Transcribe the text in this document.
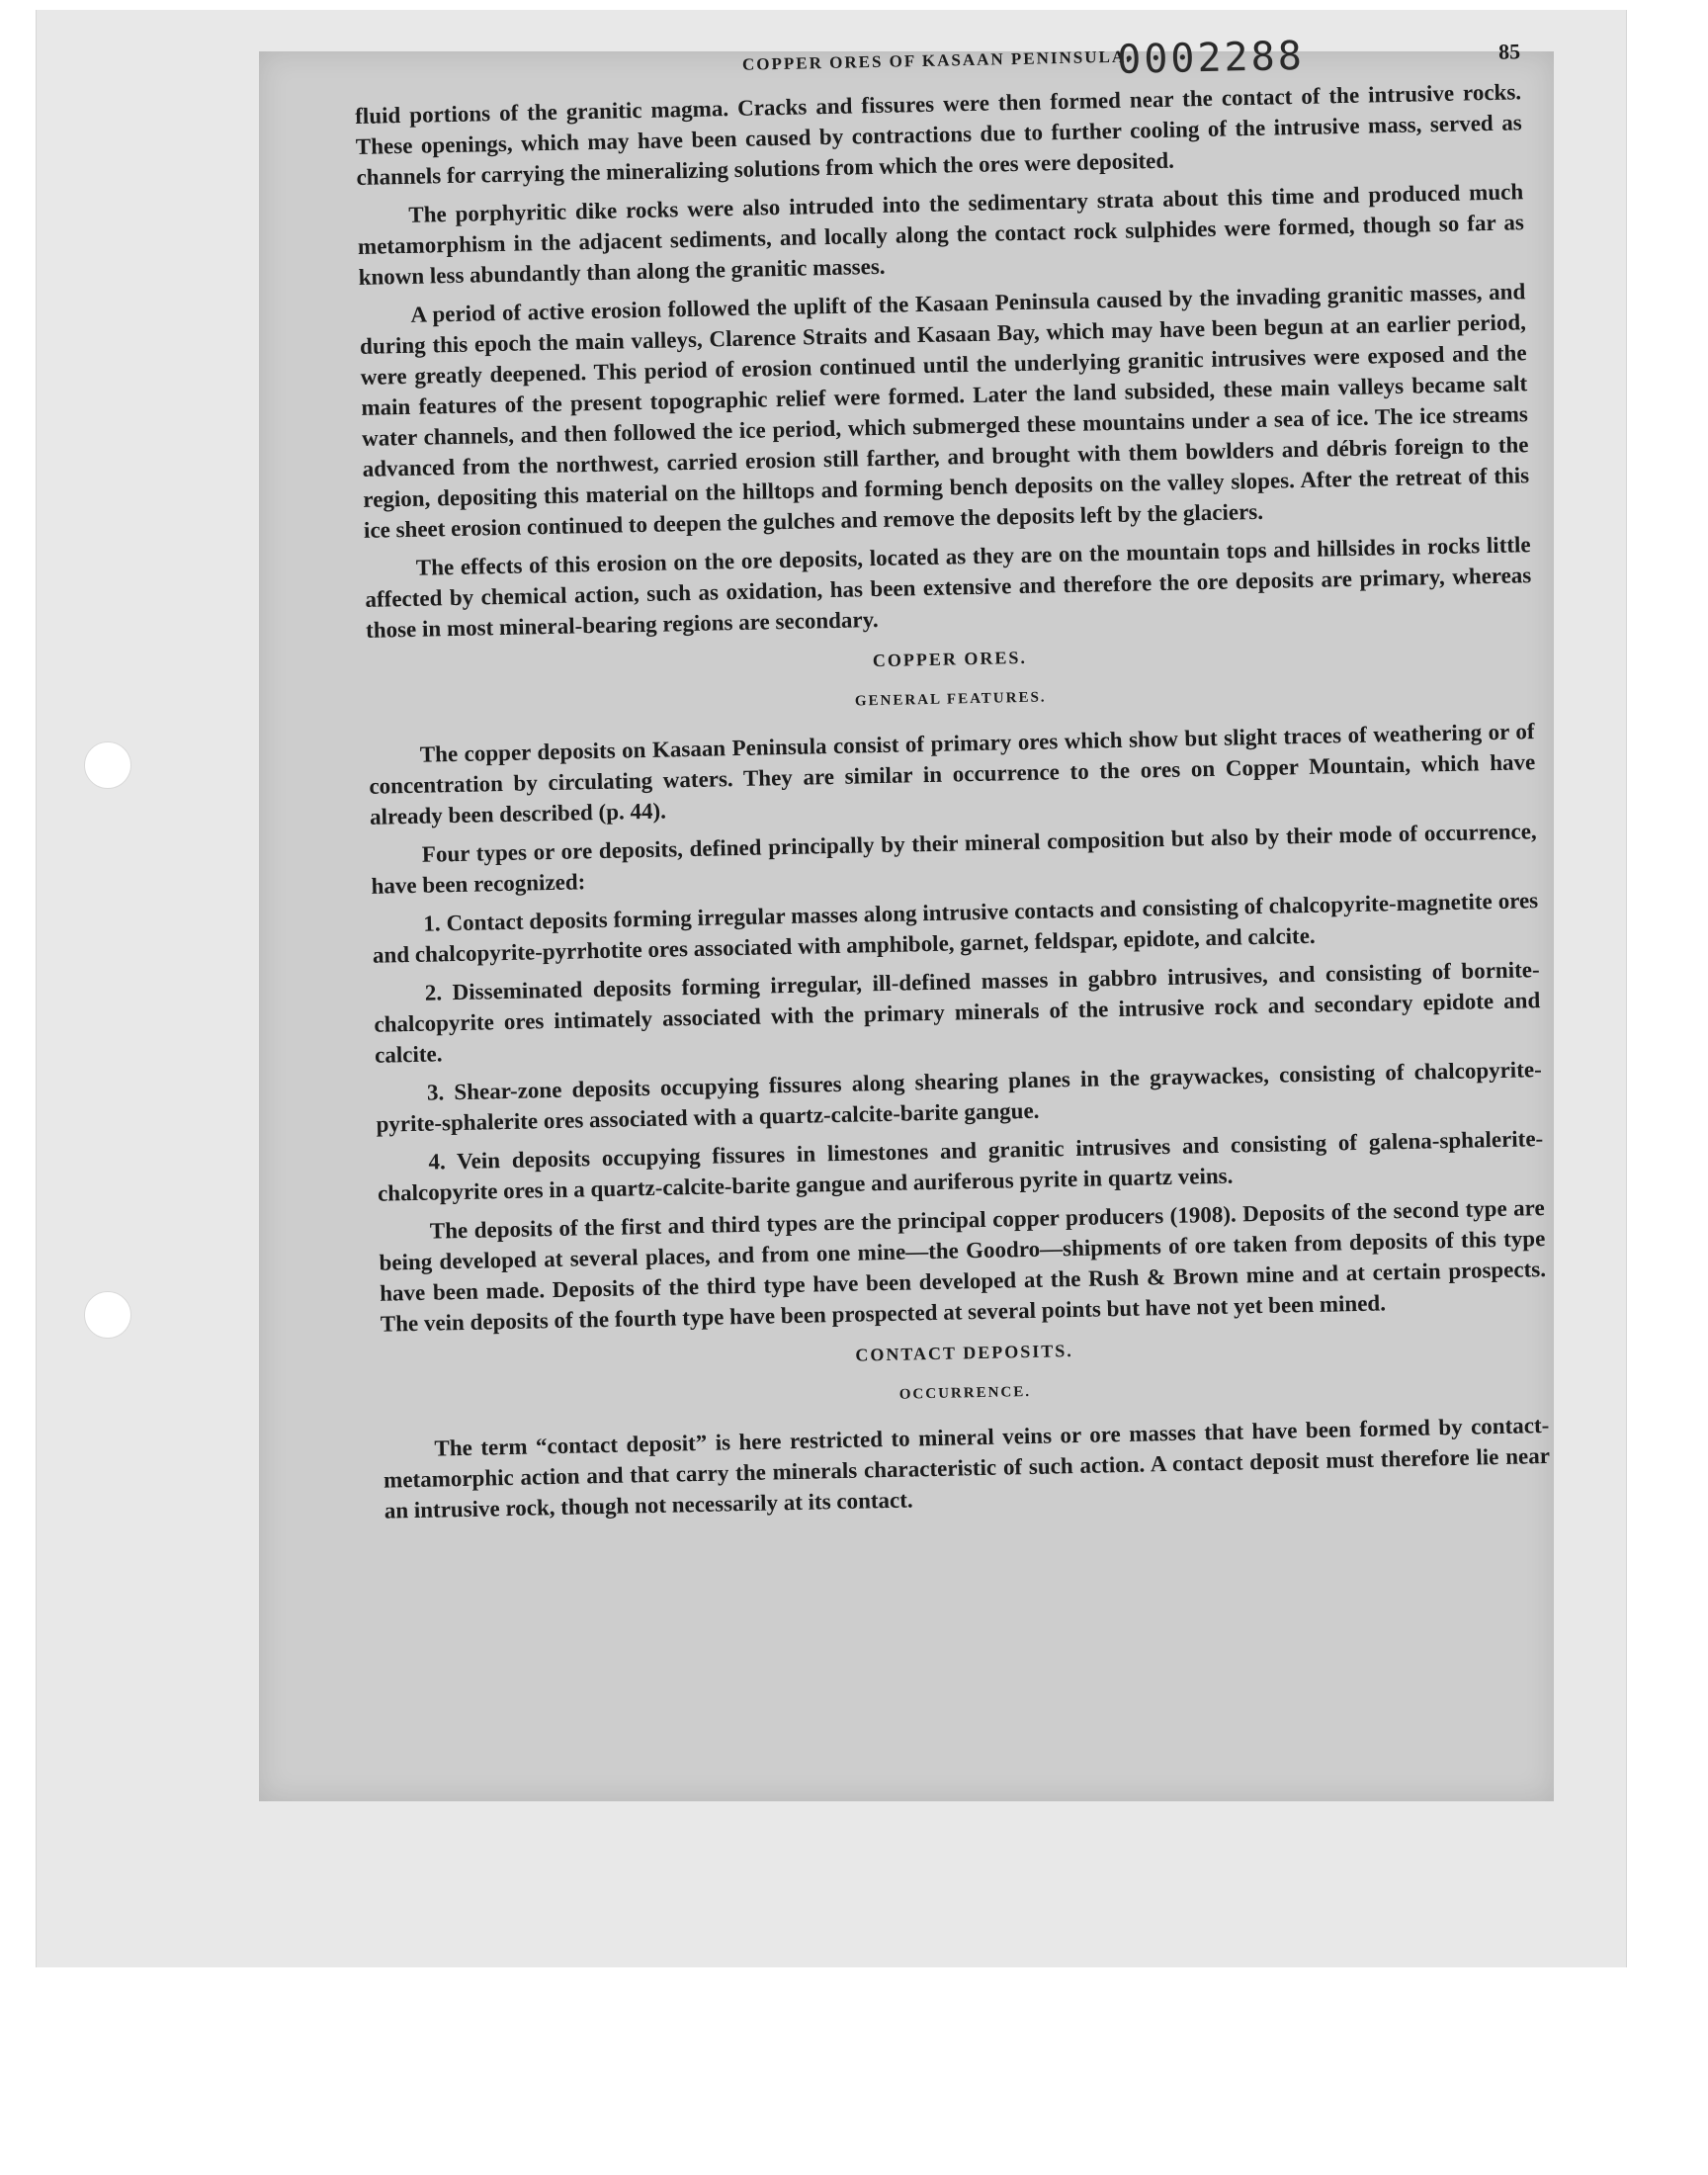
COPPER ORES OF KASAAN PENINSULA.
0002288	85

fluid portions of the granitic magma. Cracks and fissures were then formed near the contact of the intrusive rocks. These openings, which may have been caused by contractions due to further cooling of the intrusive mass, served as channels for carrying the mineralizing solutions from which the ores were deposited.

The porphyritic dike rocks were also intruded into the sedimentary strata about this time and produced much metamorphism in the adjacent sediments, and locally along the contact rock sulphides were formed, though so far as known less abundantly than along the granitic masses.

A period of active erosion followed the uplift of the Kasaan Peninsula caused by the invading granitic masses, and during this epoch the main valleys, Clarence Straits and Kasaan Bay, which may have been begun at an earlier period, were greatly deepened. This period of erosion continued until the underlying granitic intrusives were exposed and the main features of the present topographic relief were formed. Later the land subsided, these main valleys became salt water channels, and then followed the ice period, which submerged these mountains under a sea of ice. The ice streams advanced from the northwest, carried erosion still farther, and brought with them bowlders and débris foreign to the region, depositing this material on the hilltops and forming bench deposits on the valley slopes. After the retreat of this ice sheet erosion continued to deepen the gulches and remove the deposits left by the glaciers.

The effects of this erosion on the ore deposits, located as they are on the mountain tops and hillsides in rocks little affected by chemical action, such as oxidation, has been extensive and therefore the ore deposits are primary, whereas those in most mineral-bearing regions are secondary.

COPPER ORES.
GENERAL FEATURES.

The copper deposits on Kasaan Peninsula consist of primary ores which show but slight traces of weathering or of concentration by circulating waters. They are similar in occurrence to the ores on Copper Mountain, which have already been described (p. 44).

Four types or ore deposits, defined principally by their mineral composition but also by their mode of occurrence, have been recognized:

1. Contact deposits forming irregular masses along intrusive contacts and consisting of chalcopyrite-magnetite ores and chalcopyrite-pyrrhotite ores associated with amphibole, garnet, feldspar, epidote, and calcite.

2. Disseminated deposits forming irregular, ill-defined masses in gabbro intrusives, and consisting of bornite-chalcopyrite ores intimately associated with the primary minerals of the intrusive rock and secondary epidote and calcite.

3. Shear-zone deposits occupying fissures along shearing planes in the graywackes, consisting of chalcopyrite-pyrite-sphalerite ores associated with a quartz-calcite-barite gangue.

4. Vein deposits occupying fissures in limestones and granitic intrusives and consisting of galena-sphalerite-chalcopyrite ores in a quartz-calcite-barite gangue and auriferous pyrite in quartz veins.

The deposits of the first and third types are the principal copper producers (1908). Deposits of the second type are being developed at several places, and from one mine—the Goodro—shipments of ore taken from deposits of this type have been made. Deposits of the third type have been developed at the Rush & Brown mine and at certain prospects. The vein deposits of the fourth type have been prospected at several points but have not yet been mined.

CONTACT DEPOSITS.
OCCURRENCE.

The term “contact deposit” is here restricted to mineral veins or ore masses that have been formed by contact-metamorphic action and that carry the minerals characteristic of such action. A contact deposit must therefore lie near an intrusive rock, though not necessarily at its contact.
